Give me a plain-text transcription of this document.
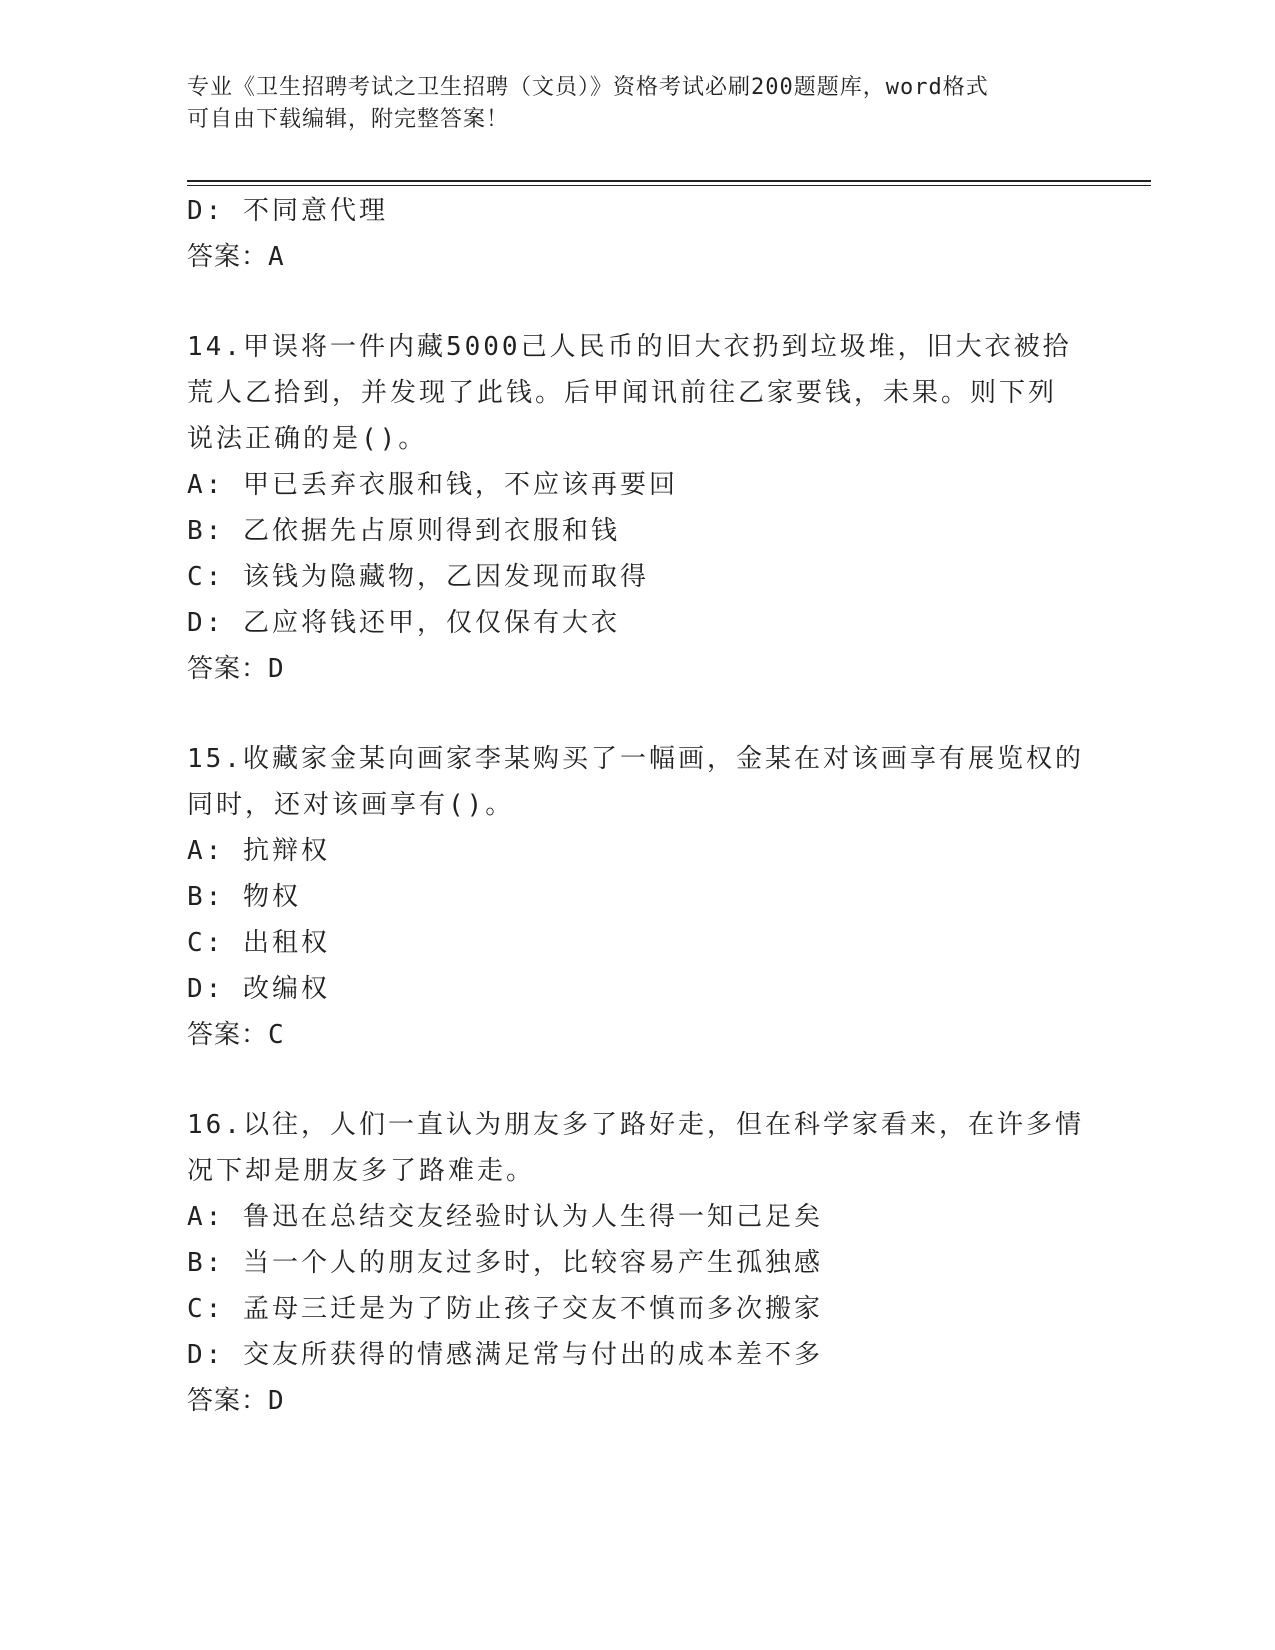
专业《卫生招聘考试之卫生招聘（文员）》资格考试必刷200题题库，word格式
可自由下载编辑，附完整答案！
D: 不同意代理
答案：A
14.甲误将一件内藏5000己人民币的旧大衣扔到垃圾堆，旧大衣被拾
荒人乙拾到，并发现了此钱。后甲闻讯前往乙家要钱，未果。则下列
说法正确的是()。
A: 甲已丢弃衣服和钱，不应该再要回
B: 乙依据先占原则得到衣服和钱
C: 该钱为隐藏物，乙因发现而取得
D: 乙应将钱还甲，仅仅保有大衣
答案：D
15.收藏家金某向画家李某购买了一幅画，金某在对该画享有展览权的
同时，还对该画享有()。
A: 抗辩权
B: 物权
C: 出租权
D: 改编权
答案：C
16.以往，人们一直认为朋友多了路好走，但在科学家看来，在许多情
况下却是朋友多了路难走。
A: 鲁迅在总结交友经验时认为人生得一知己足矣
B: 当一个人的朋友过多时，比较容易产生孤独感
C: 孟母三迁是为了防止孩子交友不慎而多次搬家
D: 交友所获得的情感满足常与付出的成本差不多
答案：D
